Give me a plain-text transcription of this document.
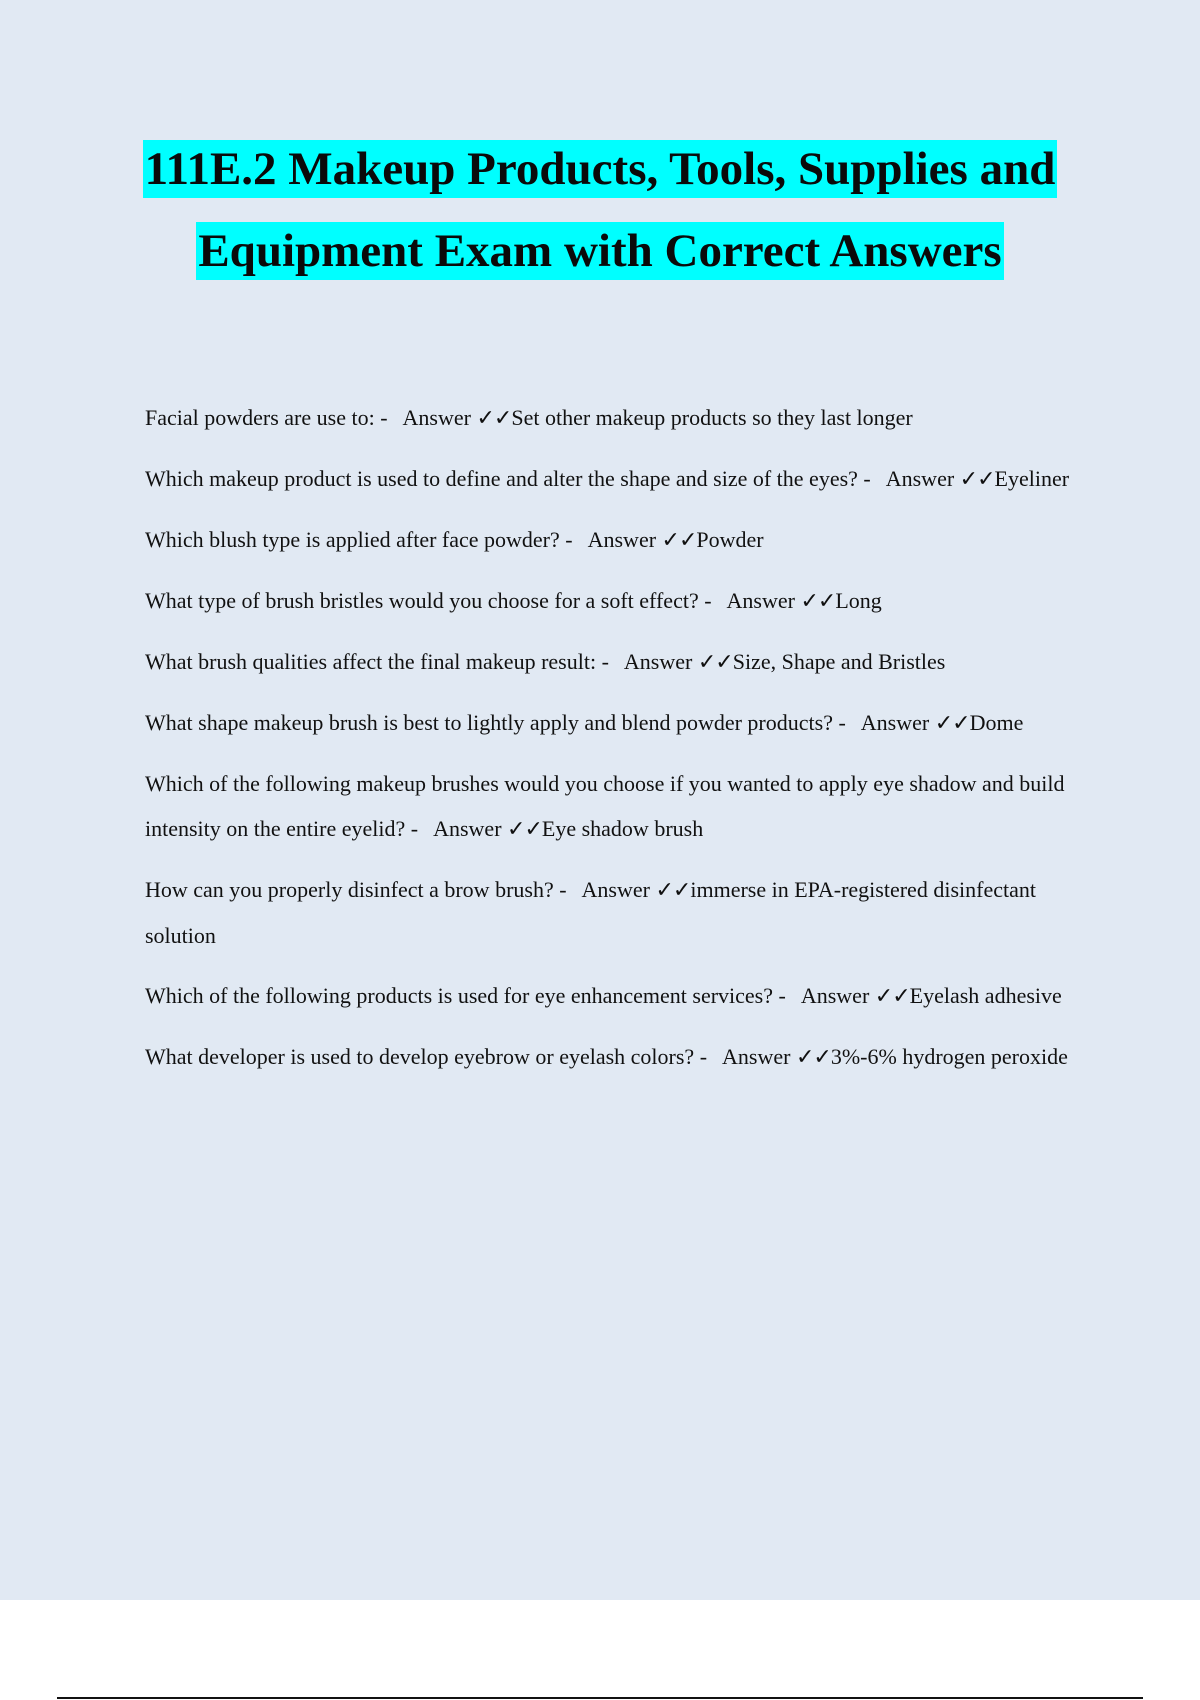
111E.2 Makeup Products, Tools, Supplies and
Equipment Exam with Correct Answers
Facial powders are use to: - Answer ✓✓Set other makeup products so they last longer
Which makeup product is used to define and alter the shape and size of the eyes? - Answer ✓✓Eyeliner
Which blush type is applied after face powder? - Answer ✓✓Powder
What type of brush bristles would you choose for a soft effect? - Answer ✓✓Long
What brush qualities affect the final makeup result: - Answer ✓✓Size, Shape and Bristles
What shape makeup brush is best to lightly apply and blend powder products? - Answer ✓✓Dome
Which of the following makeup brushes would you choose if you wanted to apply eye shadow and build intensity on the entire eyelid? - Answer ✓✓Eye shadow brush
How can you properly disinfect a brow brush? - Answer ✓✓immerse in EPA-registered disinfectant solution
Which of the following products is used for eye enhancement services? - Answer ✓✓Eyelash adhesive
What developer is used to develop eyebrow or eyelash colors? - Answer ✓✓3%-6% hydrogen peroxide
